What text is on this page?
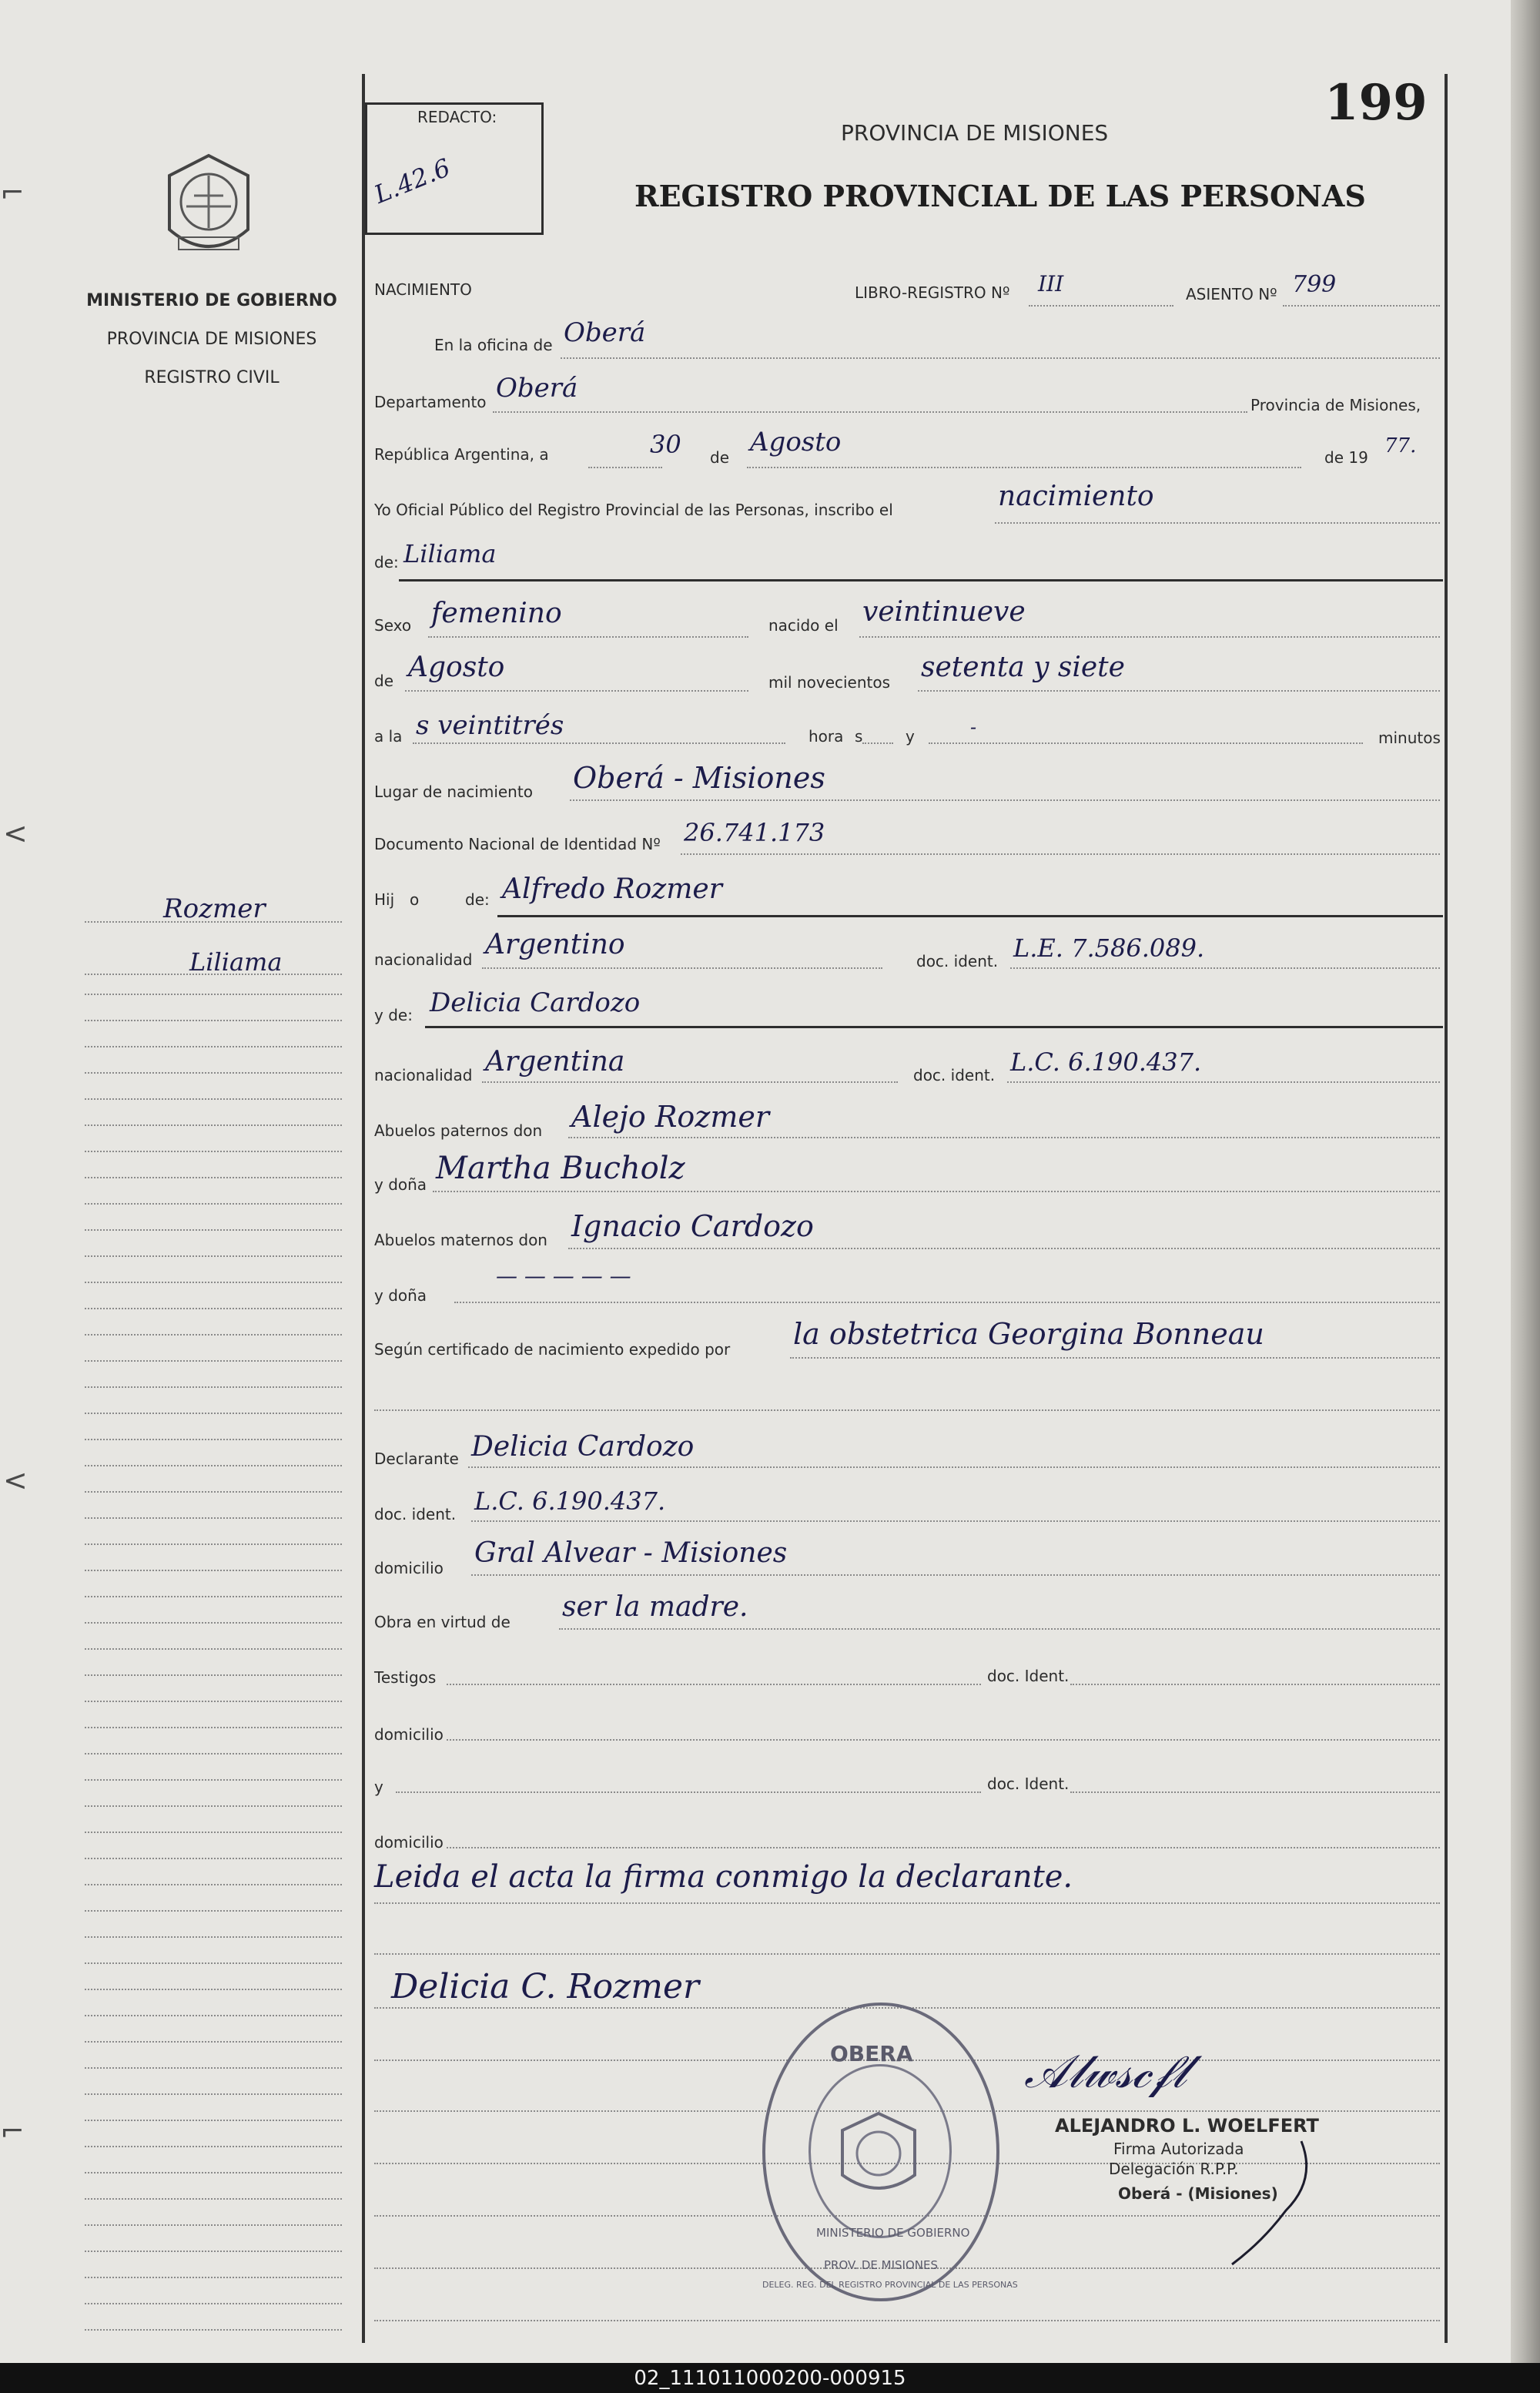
⌐
<
<
⌐
MINISTERIO DE GOBIERNO
PROVINCIA DE MISIONES
REGISTRO CIVIL
Rozmer
Liliama
REDACTO:
L.42.6
PROVINCIA DE MISIONES
REGISTRO PROVINCIAL DE LAS PERSONAS
199
NACIMIENTO	LIBRO-REGISTRO Nº III	ASIENTO Nº 799
En la oficina de Oberá
Departamento Oberá
Provincia de Misiones,
República Argentina, a	30 de Agosto	de 19 77.
Yo Oficial Público del Registro Provincial de las Personas, inscribo el	nacimiento
de: Liliama
Sexo femenino	nacido el veintinueve
de Agosto	mil novecientos setenta y siete
a la s veintitrés	hora s	y	-	minutos
Lugar de nacimiento Oberá - Misiones
Documento Nacional de Identidad Nº 26.741.173
Hij o	de: Alfredo Rozmer
nacionalidad Argentino
doc. ident. L.E. 7.586.089.
y de: Delicia Cardozo
nacionalidad Argentina	doc. ident. L.C. 6.190.437.
Abuelos paternos don Alejo Rozmer
y doña Martha Bucholz
Abuelos maternos don Ignacio Cardozo
y doña
— — — — —
Según certificado de nacimiento expedido por la obstetrica Georgina Bonneau
Declarante Delicia Cardozo
doc. ident. L.C. 6.190.437.
domicilio Gral Alvear - Misiones
Obra en virtud de ser la madre.
Testigos	doc. Ident.
domicilio
y	doc. Ident.
domicilio
Leida el acta la firma conmigo la declarante.
Delicia C. Rozmer
OBERA
MINISTERIO DE GOBIERNO
PROV. DE MISIONES
DELEG. REG. DEL REGISTRO PROVINCIAL DE LAS PERSONAS
𝒜𝓁𝓌𝓈𝒸𝒻𝓁
ALEJANDRO L. WOELFERT
Firma Autorizada
Delegación R.P.P.
Oberá - (Misiones)
02_111011000200-000915
